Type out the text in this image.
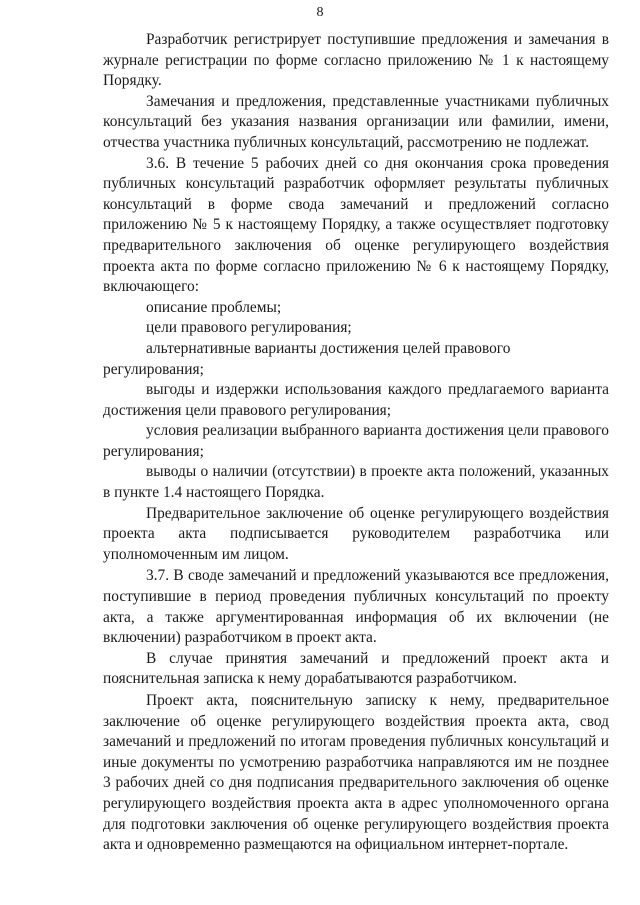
8

Разработчик регистрирует поступившие предложения и замечания в журнале регистрации по форме согласно приложению № 1 к настоящему Порядку.

Замечания и предложения, представленные участниками публичных консультаций без указания названия организации или фамилии, имени, отчества участника публичных консультаций, рассмотрению не подлежат.

3.6. В течение 5 рабочих дней со дня окончания срока проведения публичных консультаций разработчик оформляет результаты публичных консультаций в форме свода замечаний и предложений согласно приложению № 5 к настоящему Порядку, а также осуществляет подготовку предварительного заключения об оценке регулирующего воздействия проекта акта по форме согласно приложению № 6 к настоящему Порядку, включающего:

описание проблемы;

цели правового регулирования;

альтернативные варианты достижения целей правового регулирования;

выгоды и издержки использования каждого предлагаемого варианта достижения цели правового регулирования;

условия реализации выбранного варианта достижения цели правового регулирования;

выводы о наличии (отсутствии) в проекте акта положений, указанных в пункте 1.4 настоящего Порядка.

Предварительное заключение об оценке регулирующего воздействия проекта акта подписывается руководителем разработчика или уполномоченным им лицом.

3.7. В своде замечаний и предложений указываются все предложения, поступившие в период проведения публичных консультаций по проекту акта, а также аргументированная информация об их включении (не включении) разработчиком в проект акта.

В случае принятия замечаний и предложений проект акта и пояснительная записка к нему дорабатываются разработчиком.

Проект акта, пояснительную записку к нему, предварительное заключение об оценке регулирующего воздействия проекта акта, свод замечаний и предложений по итогам проведения публичных консультаций и иные документы по усмотрению разработчика направляются им не позднее 3 рабочих дней со дня подписания предварительного заключения об оценке регулирующего воздействия проекта акта в адрес уполномоченного органа для подготовки заключения об оценке регулирующего воздействия проекта акта и одновременно размещаются на официальном интернет-портале.
